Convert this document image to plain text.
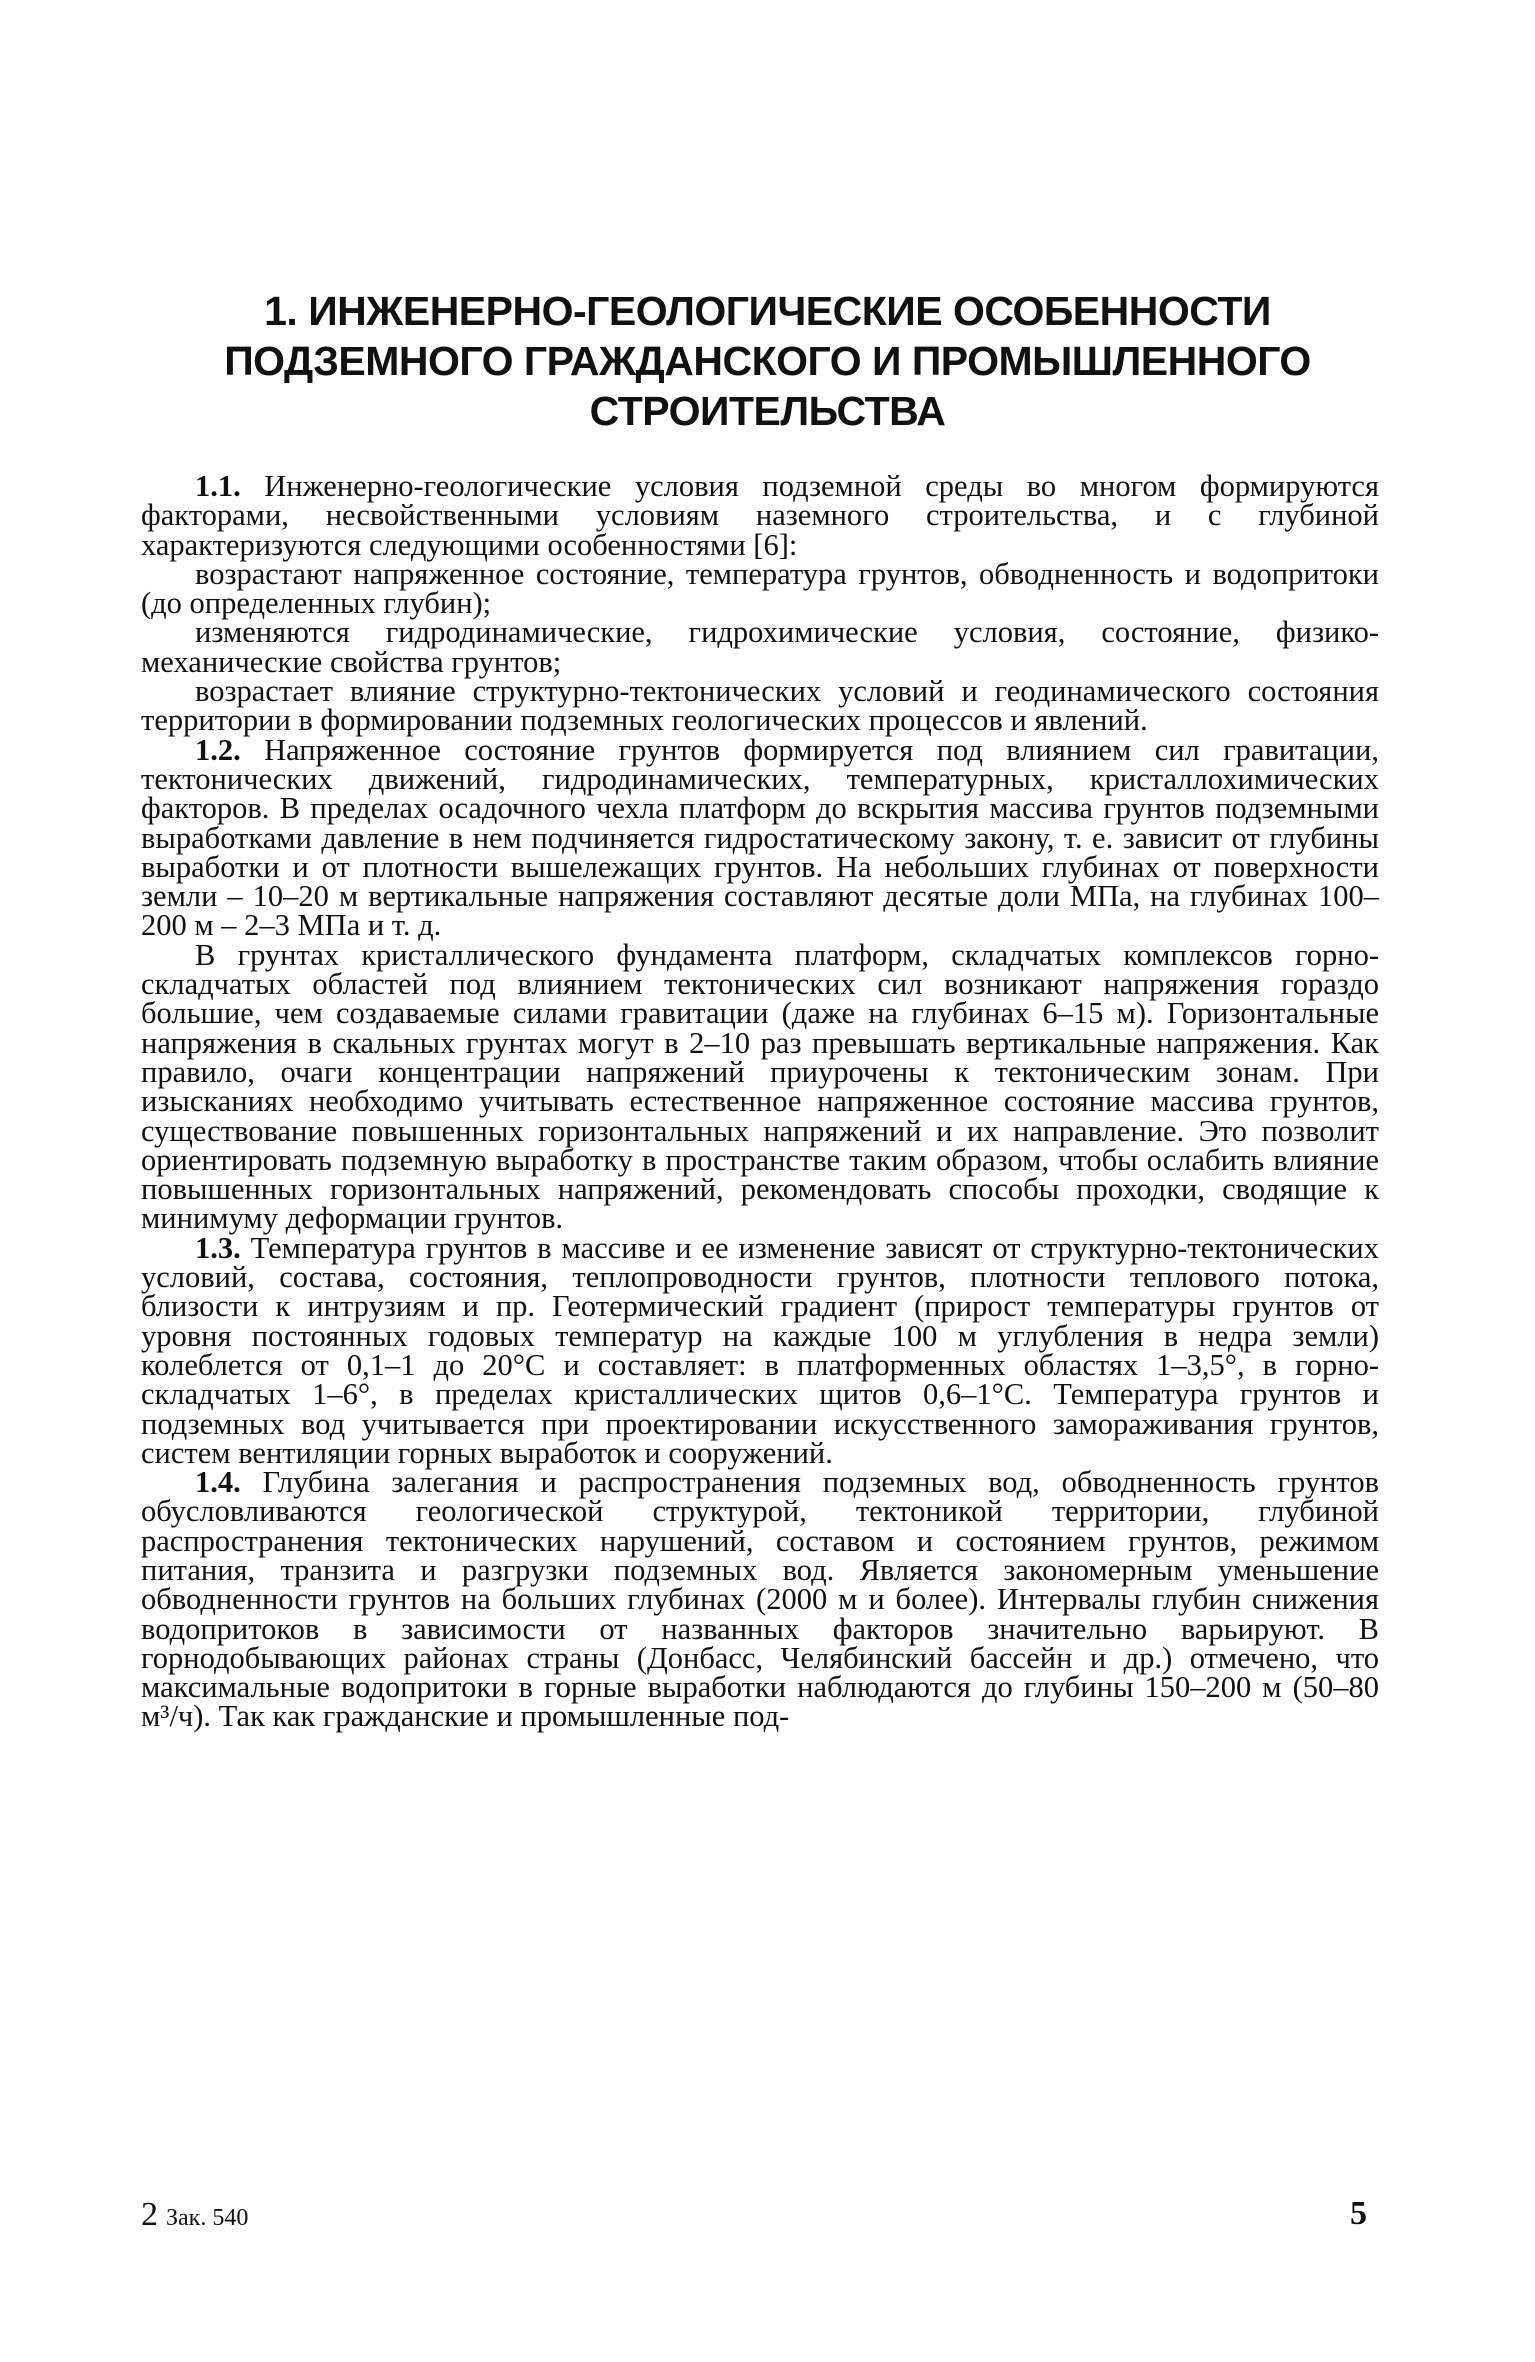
1. ИНЖЕНЕРНО-ГЕОЛОГИЧЕСКИЕ ОСОБЕННОСТИ
ПОДЗЕМНОГО ГРАЖДАНСКОГО И ПРОМЫШЛЕННОГО
СТРОИТЕЛЬСТВА

1.1. Инженерно-геологические условия подземной среды во многом формируются факторами, несвойственными условиям наземного строительства, и с глубиной характеризуются следующими особенностями [6]:

возрастают напряженное состояние, температура грунтов, обводненность и водопритоки (до определенных глубин);

изменяются гидродинамические, гидрохимические условия, состояние, физико-механические свойства грунтов;

возрастает влияние структурно-тектонических условий и геодинамического состояния территории в формировании подземных геологических процессов и явлений.

1.2. Напряженное состояние грунтов формируется под влиянием сил гравитации, тектонических движений, гидродинамических, температурных, кристаллохимических факторов. В пределах осадочного чехла платформ до вскрытия массива грунтов подземными выработками давление в нем подчиняется гидростатическому закону, т. е. зависит от глубины выработки и от плотности вышележащих грунтов. На небольших глубинах от поверхности земли – 10–20 м вертикальные напряжения составляют десятые доли МПа, на глубинах 100–200 м – 2–3 МПа и т. д.

В грунтах кристаллического фундамента платформ, складчатых комплексов горно-складчатых областей под влиянием тектонических сил возникают напряжения гораздо большие, чем создаваемые силами гравитации (даже на глубинах 6–15 м). Горизонтальные напряжения в скальных грунтах могут в 2–10 раз превышать вертикальные напряжения. Как правило, очаги концентрации напряжений приурочены к тектоническим зонам. При изысканиях необходимо учитывать естественное напряженное состояние массива грунтов, существование повышенных горизонтальных напряжений и их направление. Это позволит ориентировать подземную выработку в пространстве таким образом, чтобы ослабить влияние повышенных горизонтальных напряжений, рекомендовать способы проходки, сводящие к минимуму деформации грунтов.

1.3. Температура грунтов в массиве и ее изменение зависят от структурно-тектонических условий, состава, состояния, теплопроводности грунтов, плотности теплового потока, близости к интрузиям и пр. Геотермический градиент (прирост температуры грунтов от уровня постоянных годовых температур на каждые 100 м углубления в недра земли) колеблется от 0,1–1 до 20°С и составляет: в платформенных областях 1–3,5°, в горно-складчатых 1–6°, в пределах кристаллических щитов 0,6–1°С. Температура грунтов и подземных вод учитывается при проектировании искусственного замораживания грунтов, систем вентиляции горных выработок и сооружений.

1.4. Глубина залегания и распространения подземных вод, обводненность грунтов обусловливаются геологической структурой, тектоникой территории, глубиной распространения тектонических нарушений, составом и состоянием грунтов, режимом питания, транзита и разгрузки подземных вод. Является закономерным уменьшение обводненности грунтов на больших глубинах (2000 м и более). Интервалы глубин снижения водопритоков в зависимости от названных факторов значительно варьируют. В горнодобывающих районах страны (Донбасс, Челябинский бассейн и др.) отмечено, что максимальные водопритоки в горные выработки наблюдаются до глубины 150–200 м (50–80 м³/ч). Так как гражданские и промышленные под-

2 Зак. 540	5
